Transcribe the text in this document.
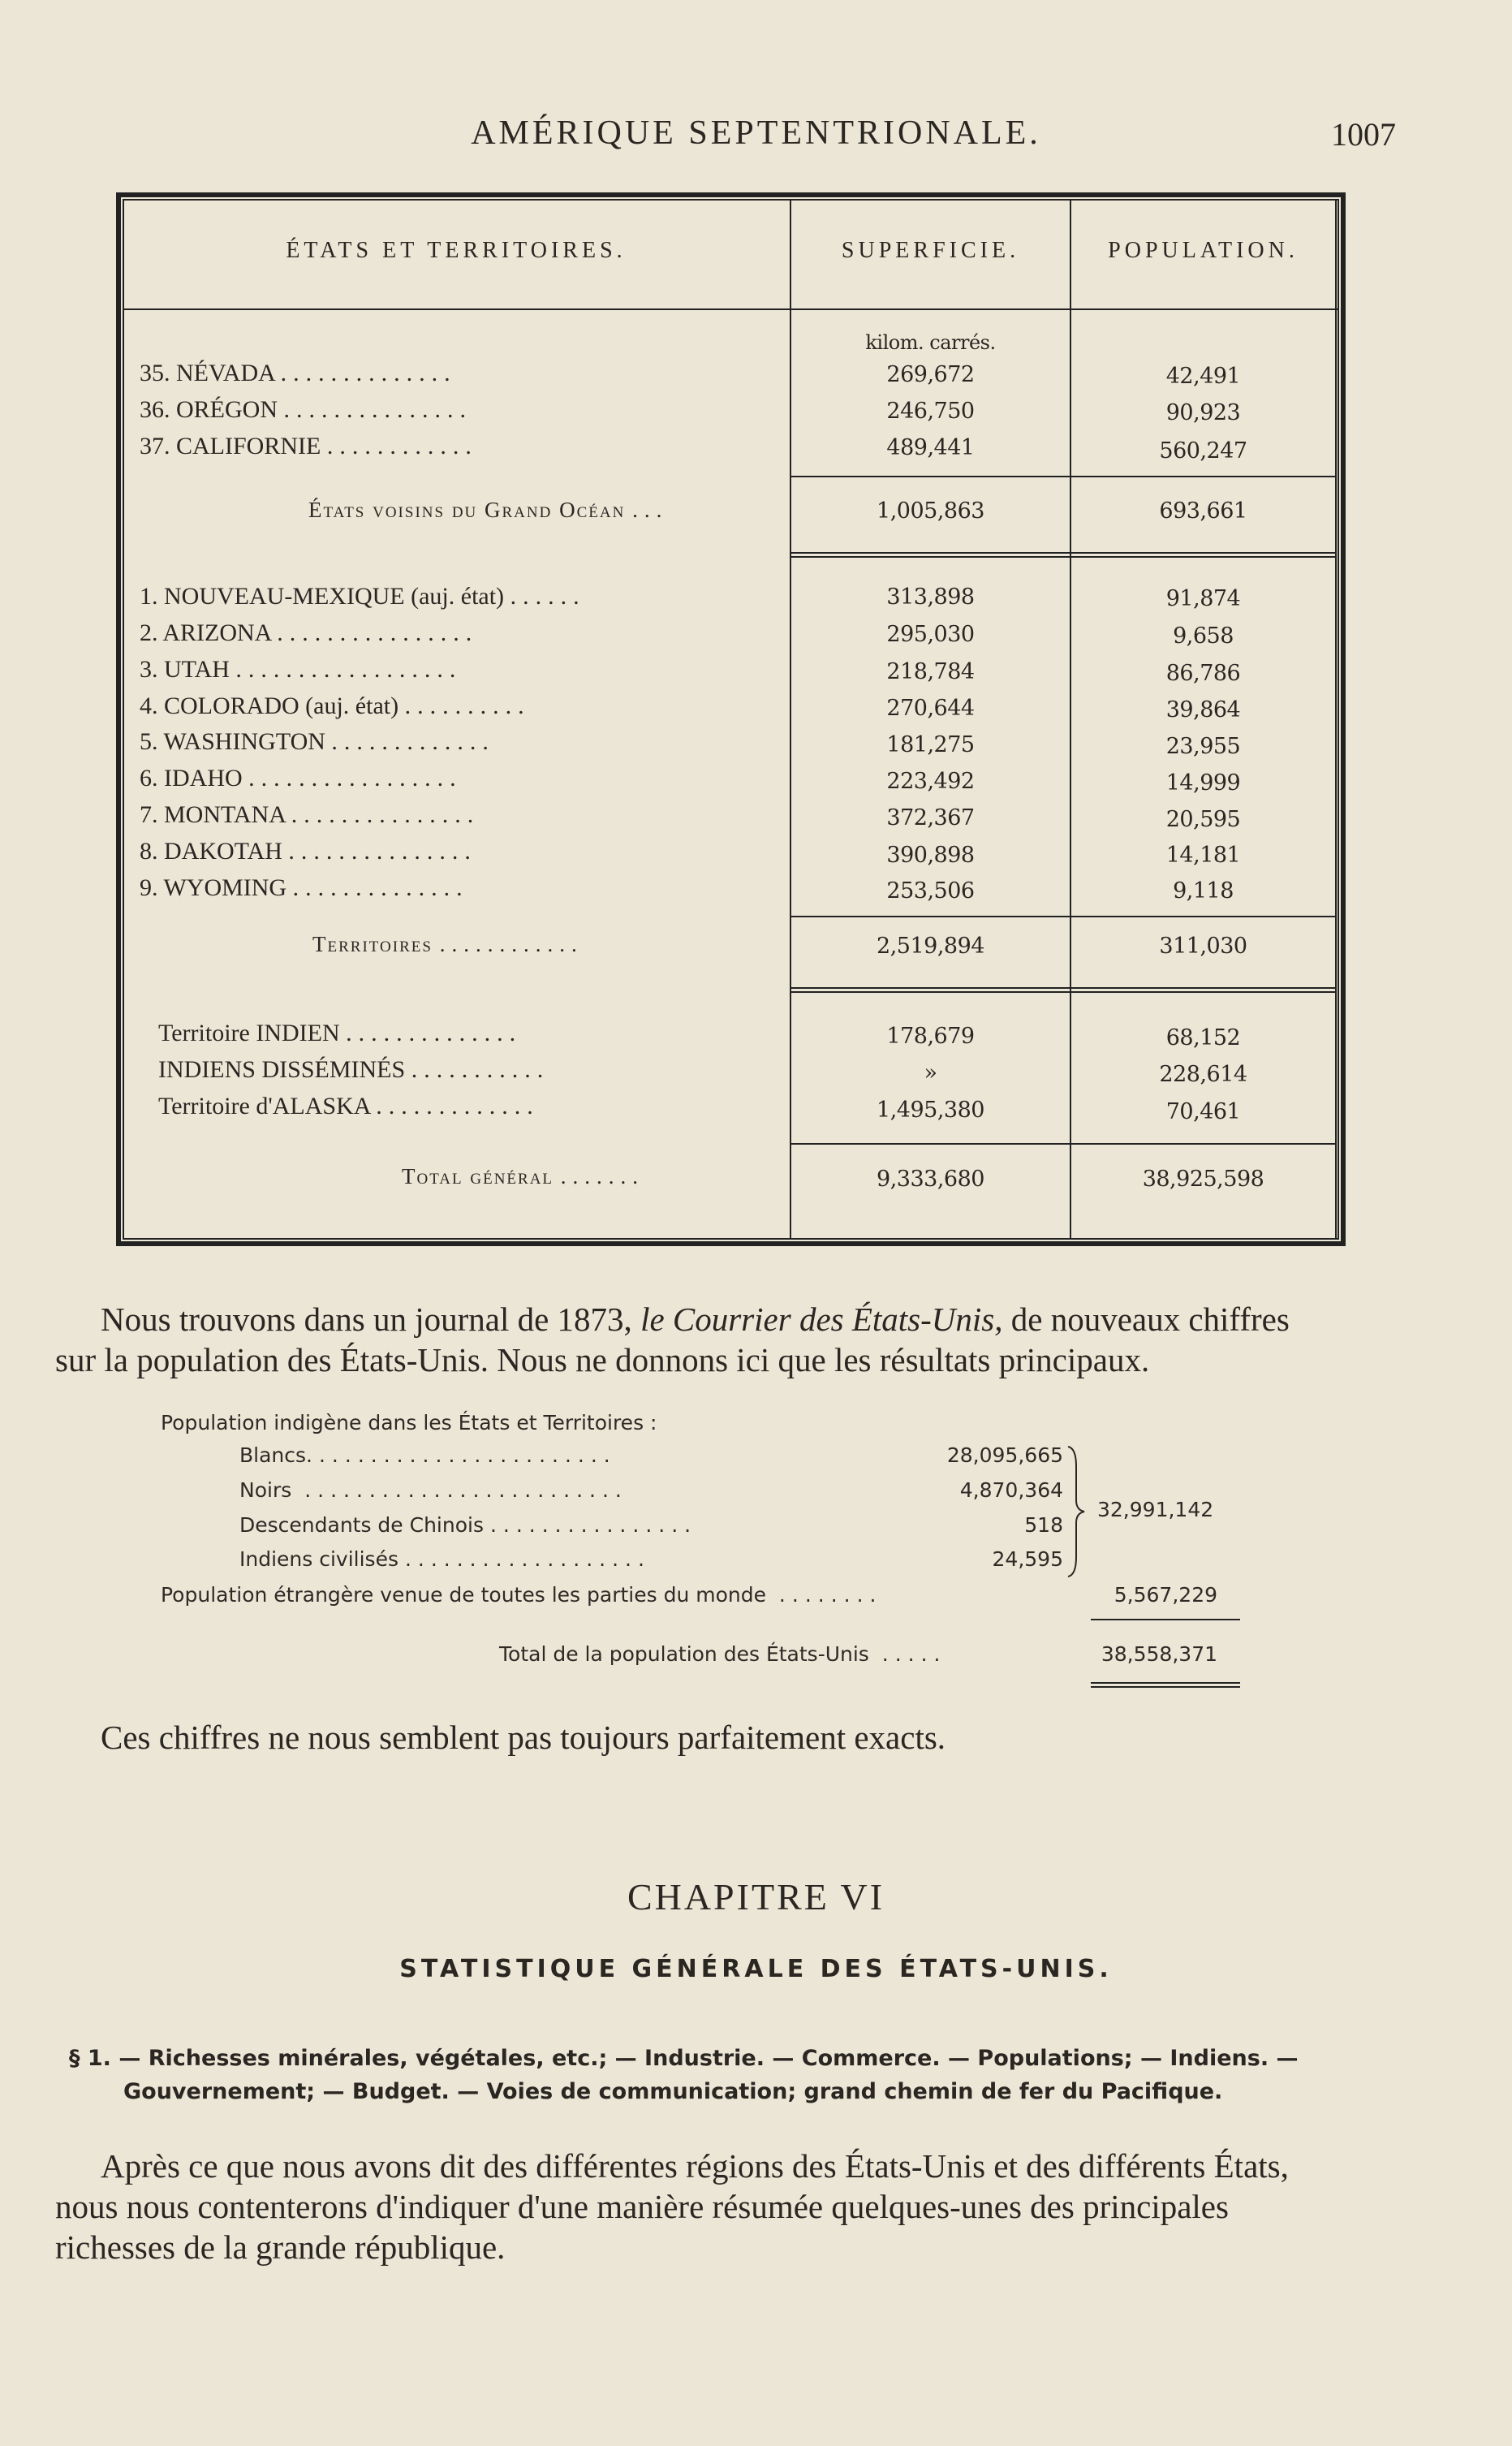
AMÉRIQUE SEPTENTRIONALE.	1007
ÉTATS ET TERRITOIRES.	SUPERFICIE.	POPULATION.
kilom. carrés.
35. NÉVADA ..............	269,672	42,491
36. ORÉGON ...............	246,750	90,923
37. CALIFORNIE ............	489,441	560,247
États voisins du Grand Océan ...	1,005,863	693,661
1. NOUVEAU-MEXIQUE (auj. état) ......	313,898	91,874
2. ARIZONA ................	295,030	9,658
3. UTAH ..................	218,784	86,786
4. COLORADO (auj. état) ..........	270,644	39,864
5. WASHINGTON .............	181,275	23,955
6. IDAHO .................	223,492	14,999
7. MONTANA ...............	372,367	20,595
8. DAKOTAH ...............	390,898	14,181
9. WYOMING ..............	253,506	9,118
Territoires ............	2,519,894	311,030
Territoire INDIEN ..............	178,679	68,152
INDIENS DISSÉMINÉS ...........	»	228,614
Territoire d'ALASKA .............	1,495,380	70,461
Total général .......	9,333,680	38,925,598
Nous trouvons dans un journal de 1873, le Courrier des États-Unis, de nouveaux chiffres
sur la population des États-Unis. Nous ne donnons ici que les résultats principaux.
Population indigène dans les États et Territoires :
Blancs........................	28,095,665
Noirs .........................	4,870,364
Descendants de Chinois ................	518
Indiens civilisés ...................	24,595
32,991,142
Population étrangère venue de toutes les parties du monde ........	5,567,229
Total de la population des États-Unis .....	38,558,371
Ces chiffres ne nous semblent pas toujours parfaitement exacts.
CHAPITRE VI
STATISTIQUE GÉNÉRALE DES ÉTATS-UNIS.
§ 1. — Richesses minérales, végétales, etc.; — Industrie. — Commerce. — Populations; — Indiens. —
Gouvernement; — Budget. — Voies de communication; grand chemin de fer du Pacifique.
Après ce que nous avons dit des différentes régions des États-Unis et des différents États,
nous nous contenterons d'indiquer d'une manière résumée quelques-unes des principales
richesses de la grande république.
